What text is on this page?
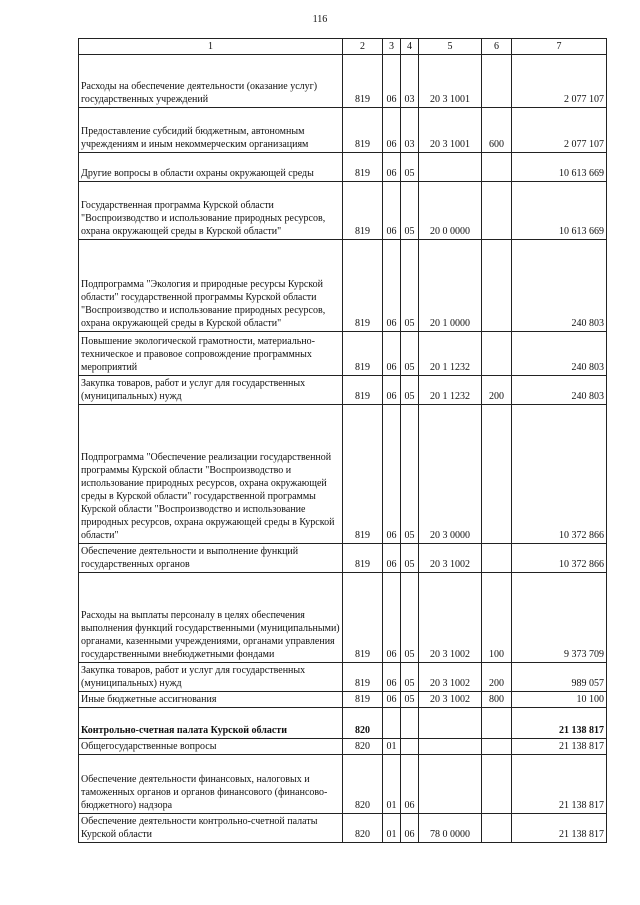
116
1	2	3	4	5	6	7
Расходы на обеспечение деятельности (оказание услуг) государственных учреждений	819	06	03	20 3 1001		2 077 107
Предоставление субсидий бюджетным, автономным учреждениям и иным некоммерческим организациям	819	06	03	20 3 1001	600	2 077 107
Другие вопросы в области охраны окружающей среды	819	06	05			10 613 669
Государственная программа Курской области "Воспроизводство и использование природных ресурсов, охрана окружающей среды в Курской области"	819	06	05	20 0 0000		10 613 669
Подпрограмма "Экология и природные ресурсы Курской области" государственной программы Курской области "Воспроизводство и использование природных ресурсов, охрана окружающей среды в Курской области"	819	06	05	20 1 0000		240 803
Повышение экологической грамотности, материально-техническое и правовое сопровождение программных мероприятий	819	06	05	20 1 1232		240 803
Закупка товаров, работ и услуг для государственных (муниципальных) нужд	819	06	05	20 1 1232	200	240 803
Подпрограмма "Обеспечение реализации государственной программы Курской области "Воспроизводство и использование природных ресурсов, охрана окружающей среды в Курской области" государственной программы Курской области "Воспроизводство и использование природных ресурсов, охрана окружающей среды в Курской области"	819	06	05	20 3 0000		10 372 866
Обеспечение деятельности и выполнение функций государственных органов	819	06	05	20 3 1002		10 372 866
Расходы на выплаты персоналу в целях обеспечения выполнения функций государственными (муниципальными) органами, казенными учреждениями, органами управления государственными внебюджетными фондами	819	06	05	20 3 1002	100	9 373 709
Закупка товаров, работ и услуг для государственных (муниципальных) нужд	819	06	05	20 3 1002	200	989 057
Иные бюджетные ассигнования	819	06	05	20 3 1002	800	10 100
Контрольно-счетная палата Курской области	820					21 138 817
Общегосударственные вопросы	820	01				21 138 817
Обеспечение деятельности финансовых, налоговых и таможенных органов и органов финансового (финансово-бюджетного) надзора	820	01	06			21 138 817
Обеспечение деятельности контрольно-счетной палаты Курской области	820	01	06	78 0 0000		21 138 817
